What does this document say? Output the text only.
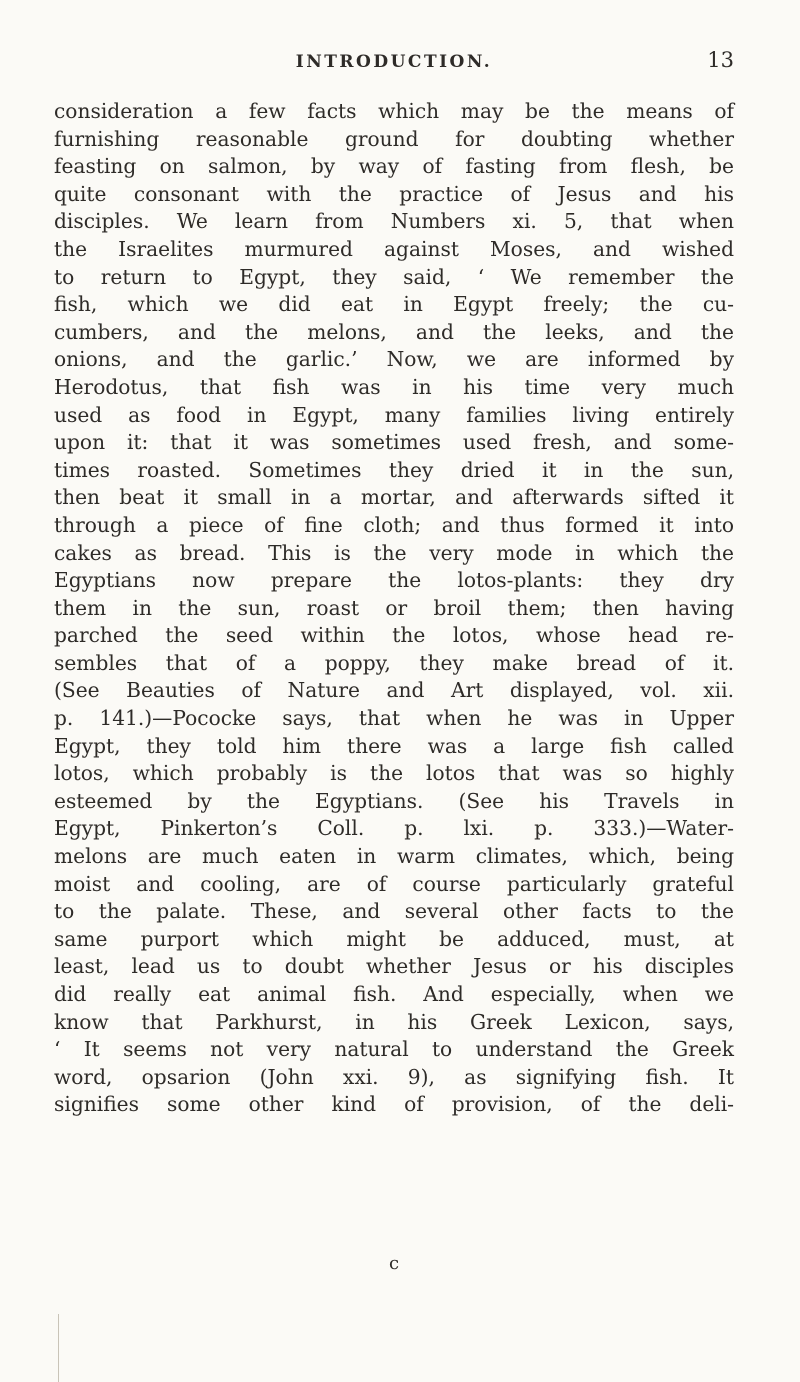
INTRODUCTION.	13
consideration a few facts which may be the means of
furnishing reasonable ground for doubting whether
feasting on salmon, by way of fasting from flesh, be
quite consonant with the practice of Jesus and his
disciples. We learn from Numbers xi. 5, that when
the Israelites murmured against Moses, and wished
to return to Egypt, they said, ‘ We remember the
fish, which we did eat in Egypt freely; the cu-
cumbers, and the melons, and the leeks, and the
onions, and the garlic.’ Now, we are informed by
Herodotus, that fish was in his time very much
used as food in Egypt, many families living entirely
upon it: that it was sometimes used fresh, and some-
times roasted. Sometimes they dried it in the sun,
then beat it small in a mortar, and afterwards sifted it
through a piece of fine cloth; and thus formed it into
cakes as bread. This is the very mode in which the
Egyptians now prepare the lotos-plants: they dry
them in the sun, roast or broil them; then having
parched the seed within the lotos, whose head re-
sembles that of a poppy, they make bread of it.
(See Beauties of Nature and Art displayed, vol. xii.
p. 141.)—Pococke says, that when he was in Upper
Egypt, they told him there was a large fish called
lotos, which probably is the lotos that was so highly
esteemed by the Egyptians. (See his Travels in
Egypt, Pinkerton’s Coll. p. lxi. p. 333.)—Water-
melons are much eaten in warm climates, which, being
moist and cooling, are of course particularly grateful
to the palate. These, and several other facts to the
same purport which might be adduced, must, at
least, lead us to doubt whether Jesus or his disciples
did really eat animal fish. And especially, when we
know that Parkhurst, in his Greek Lexicon, says,
‘ It seems not very natural to understand the Greek
word, opsarion (John xxi. 9), as signifying fish. It
signifies some other kind of provision, of the deli-
c
